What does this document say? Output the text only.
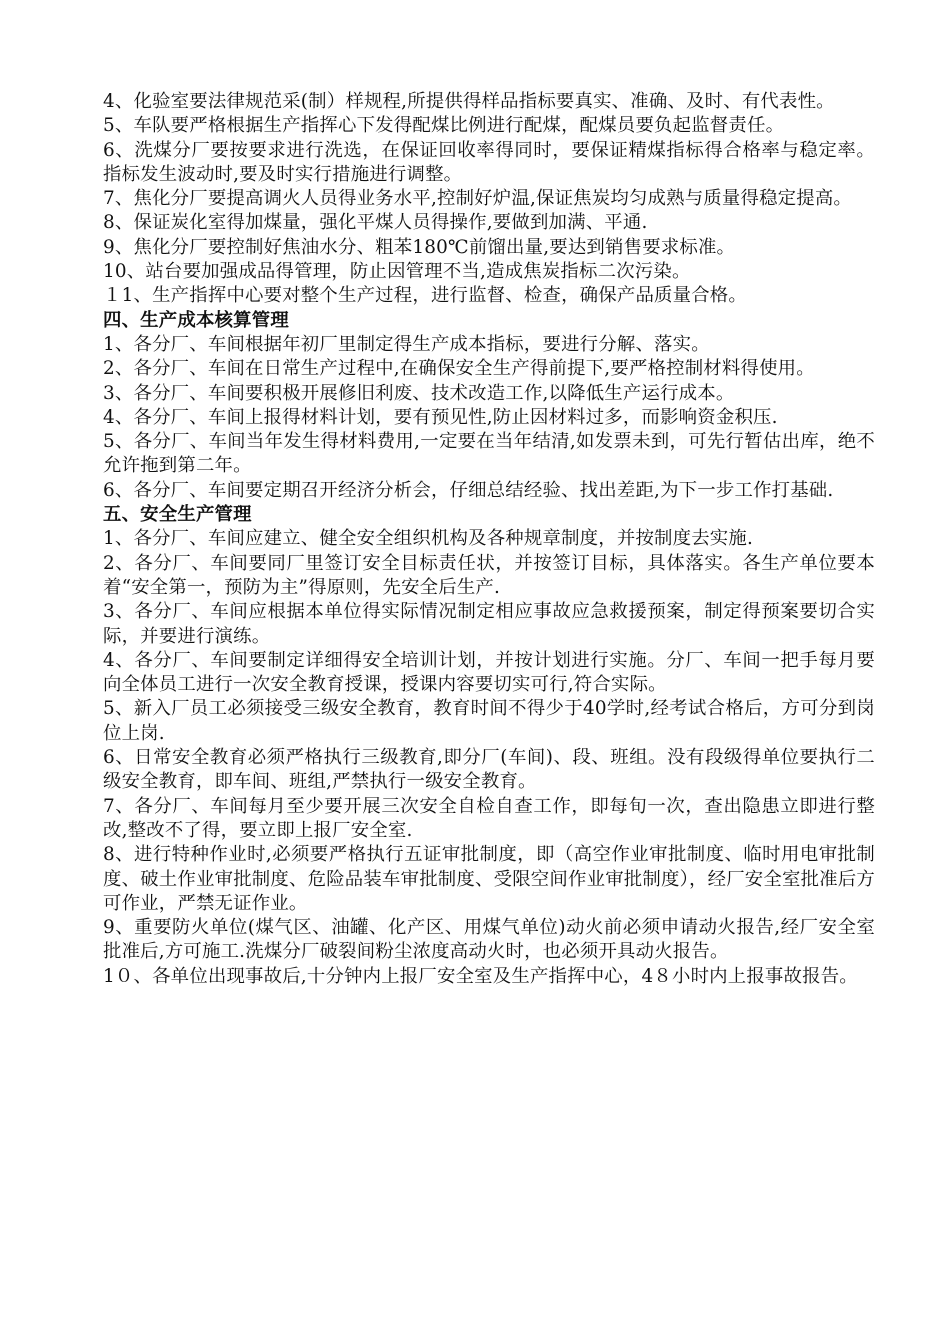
4、化验室要法律规范采(制）样规程,所提供得样品指标要真实、准确、及时、有代表性。

5、车队要严格根据生产指挥心下发得配煤比例进行配煤，配煤员要负起监督责任。

6、洗煤分厂要按要求进行洗选，在保证回收率得同时，要保证精煤指标得合格率与稳定率。指标发生波动时,要及时实行措施进行调整。

7、焦化分厂要提高调火人员得业务水平,控制好炉温,保证焦炭均匀成熟与质量得稳定提高。

8、保证炭化室得加煤量，强化平煤人员得操作,要做到加满、平通.

9、焦化分厂要控制好焦油水分、粗苯180℃前馏出量,要达到销售要求标准。

10、站台要加强成品得管理，防止因管理不当,造成焦炭指标二次污染。

１1、生产指挥中心要对整个生产过程，进行监督、检查，确保产品质量合格。

四、生产成本核算管理

1、各分厂、车间根据年初厂里制定得生产成本指标，要进行分解、落实。

2、各分厂、车间在日常生产过程中,在确保安全生产得前提下,要严格控制材料得使用。

3、各分厂、车间要积极开展修旧利废、技术改造工作,以降低生产运行成本。

4、各分厂、车间上报得材料计划，要有预见性,防止因材料过多，而影响资金积压.

5、各分厂、车间当年发生得材料费用,一定要在当年结清,如发票未到，可先行暂估出库，绝不允许拖到第二年。

6、各分厂、车间要定期召开经济分析会，仔细总结经验、找出差距,为下一步工作打基础.

五、安全生产管理

1、各分厂、车间应建立、健全安全组织机构及各种规章制度，并按制度去实施.

2、各分厂、车间要同厂里签订安全目标责任状，并按签订目标，具体落实。各生产单位要本着“安全第一，预防为主”得原则，先安全后生产.

3、各分厂、车间应根据本单位得实际情况制定相应事故应急救援预案，制定得预案要切合实际，并要进行演练。

4、各分厂、车间要制定详细得安全培训计划，并按计划进行实施。分厂、车间一把手每月要向全体员工进行一次安全教育授课，授课内容要切实可行,符合实际。

5、新入厂员工必须接受三级安全教育，教育时间不得少于40学时,经考试合格后，方可分到岗位上岗.

6、日常安全教育必须严格执行三级教育,即分厂(车间)、段、班组。没有段级得单位要执行二级安全教育，即车间、班组,严禁执行一级安全教育。

7、各分厂、车间每月至少要开展三次安全自检自查工作，即每旬一次，查出隐患立即进行整改,整改不了得，要立即上报厂安全室.

8、进行特种作业时,必须要严格执行五证审批制度，即（高空作业审批制度、临时用电审批制度、破土作业审批制度、危险品装车审批制度、受限空间作业审批制度），经厂安全室批准后方可作业，严禁无证作业。

9、重要防火单位(煤气区、油罐、化产区、用煤气单位)动火前必须申请动火报告,经厂安全室批准后,方可施工.洗煤分厂破裂间粉尘浓度高动火时，也必须开具动火报告。

1０、各单位出现事故后,十分钟内上报厂安全室及生产指挥中心，4８小时内上报事故报告。
